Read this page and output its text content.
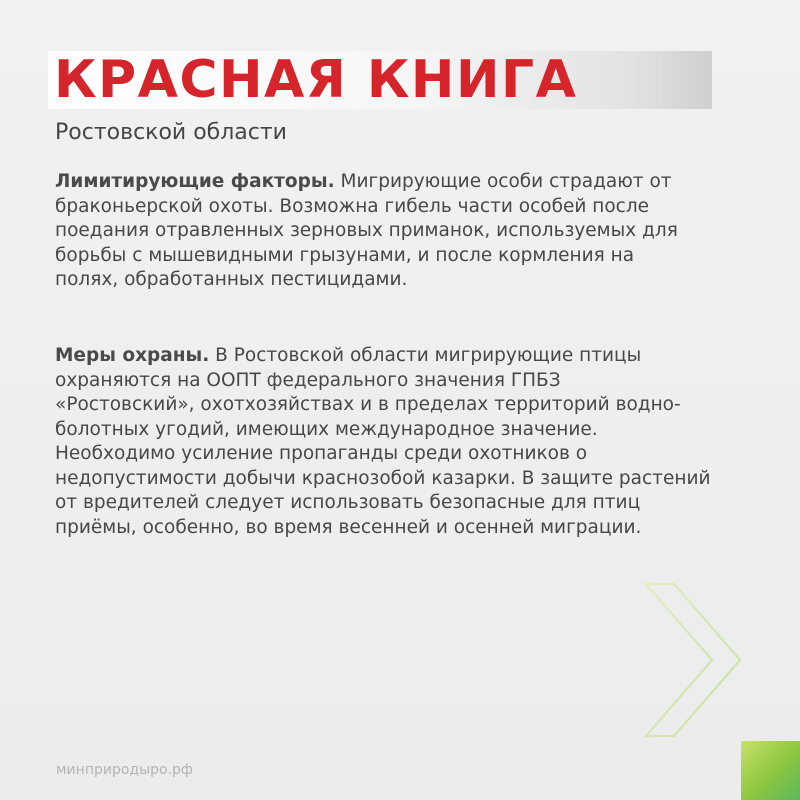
КРАСНАЯ КНИГА

Ростовской области

Лимитирующие факторы. Мигрирующие особи страдают от
браконьерской охоты. Возможна гибель части особей после
поедания отравленных зерновых приманок, используемых для
борьбы с мышевидными грызунами, и после кормления на
полях, обработанных пестицидами.
Меры охраны. В Ростовской области мигрирующие птицы
охраняются на ООПТ федерального значения ГПБЗ
«Ростовский», охотхозяйствах и в пределах территорий водно-
болотных угодий, имеющих международное значение.
Необходимо усиление пропаганды среди охотников о
недопустимости добычи краснозобой казарки. В защите растений
от вредителей следует использовать безопасные для птиц
приёмы, особенно, во время весенней и осенней миграции.
минприродыро.рф
